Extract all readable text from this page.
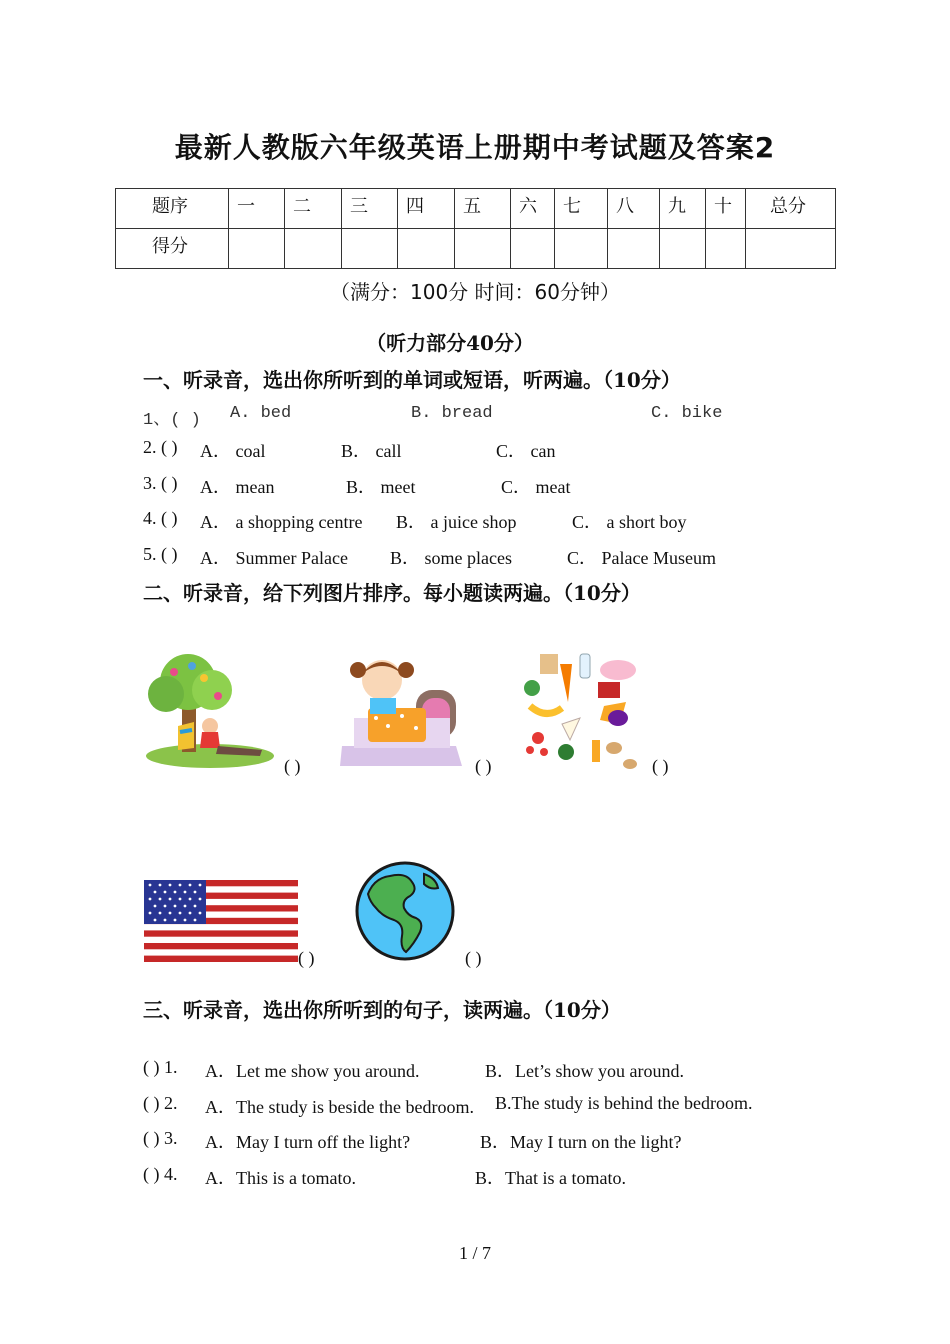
最新人教版六年级英语上册期中考试题及答案2
题序	一	二	三	四	五	六	七	八	九	十	总分
得分											
（满分：100分 时间：60分钟）
（听力部分40分）
一、听录音，选出你所听到的单词或短语，听两遍。（10分）
1、( ) A. bed	B. bread	C. bike
2. ( ) A． coal	B． call	C． can
3. ( ) A． mean	B． meet	C． meat
4. ( ) A． a shopping centre B． a juice shop	C． a short boy
5. ( ) A． Summer Palace B． some places	C． Palace Museum
二、听录音，给下列图片排序。每小题读两遍。（10分）
( )	( )	( )
( )	( )
三、听录音，选出你所听到的句子，读两遍。（10分）
( ) 1. A．Let me show you around.	B．Let’s show you around.
( ) 2. A．The study is beside the bedroom. B.The study is behind the bedroom.
( ) 3. A．May I turn off the light?	B．May I turn on the light?
( ) 4. A．This is a tomato.	B．That is a tomato.
1 / 7
